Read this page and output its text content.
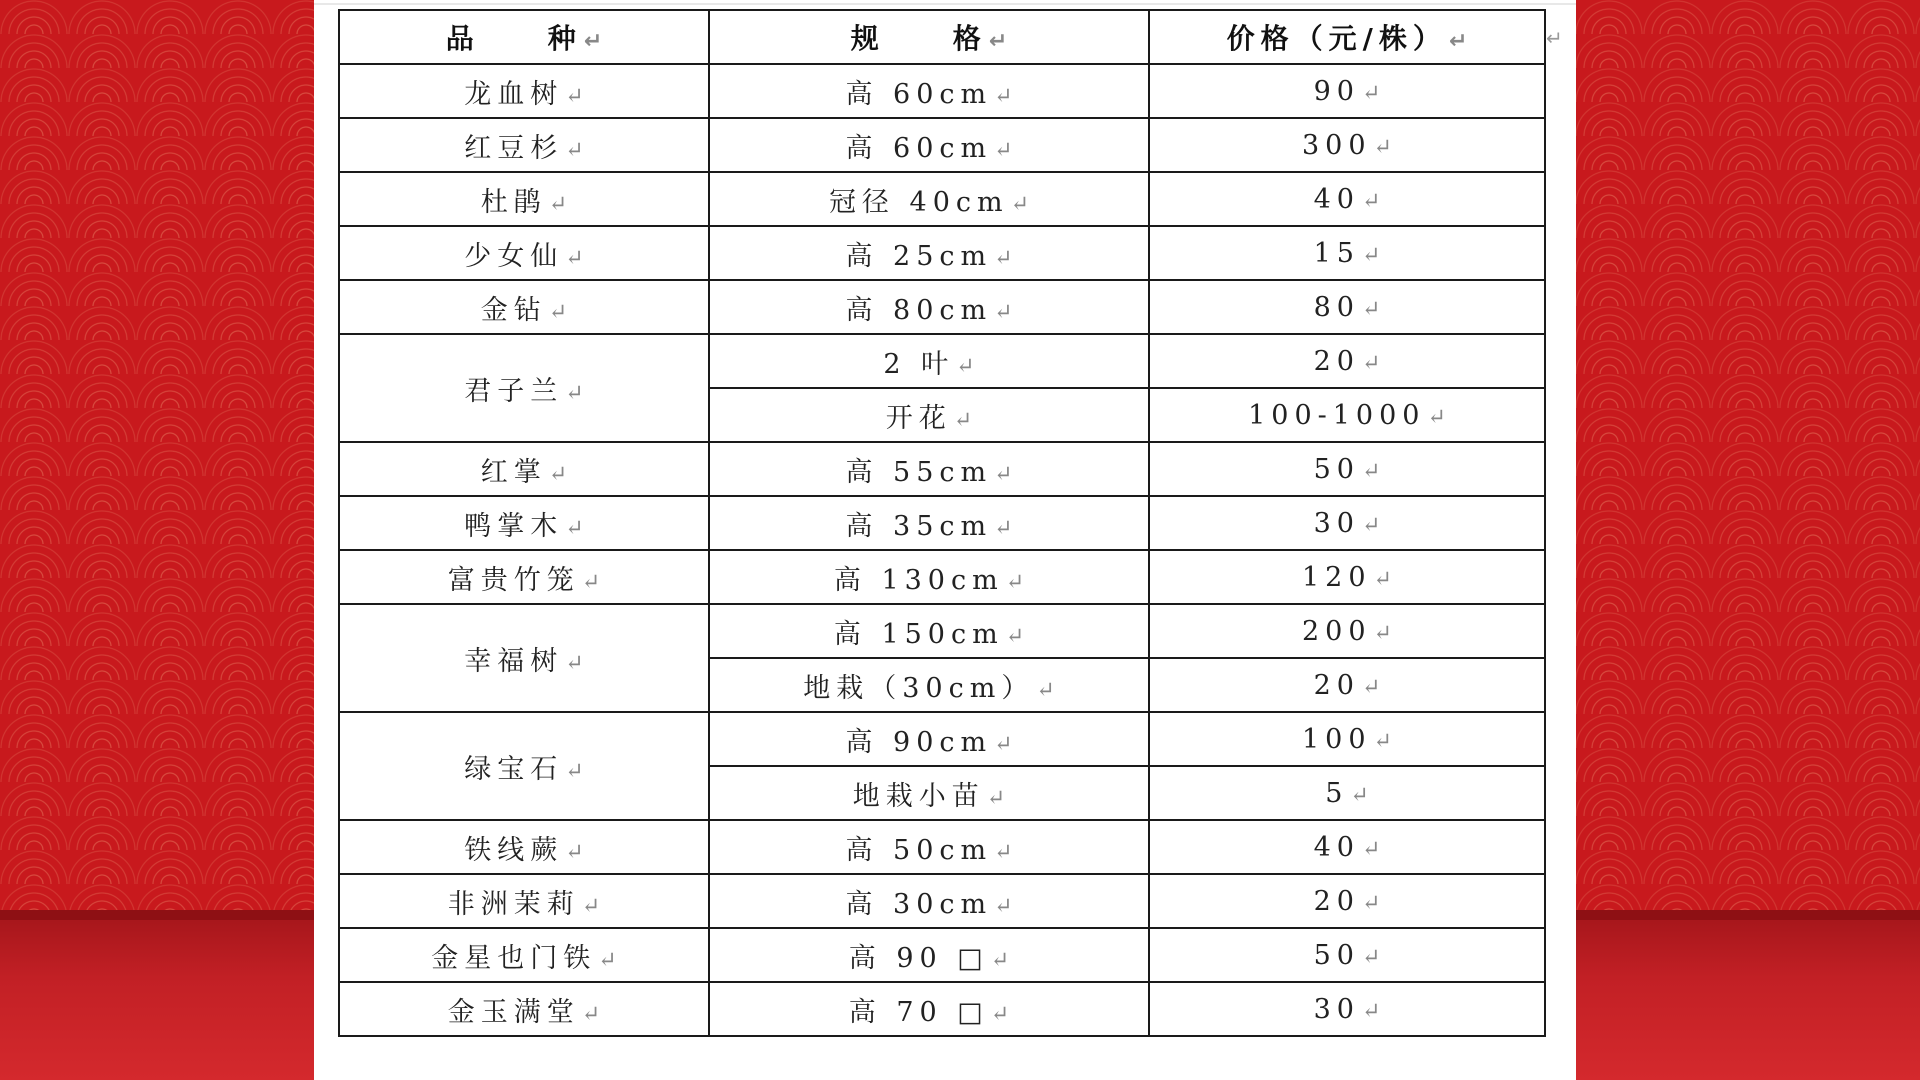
品　　种↵	规　　格↵	价格（元/株）↵
龙血树↵	高 60cm↵	90↵
红豆杉↵	高 60cm↵	300↵
杜鹃↵	冠径 40cm↵	40↵
少女仙↵	高 25cm↵	15↵
金钻↵	高 80cm↵	80↵
君子兰↵	2 叶↵	20↵
	开花↵	100-1000↵
红掌↵	高 55cm↵	50↵
鸭掌木↵	高 35cm↵	30↵
富贵竹笼↵	高 130cm↵	120↵
幸福树↵	高 150cm↵	200↵
	地栽（30cm）↵	20↵
绿宝石↵	高 90cm↵	100↵
	地栽小苗↵	5↵
铁线蕨↵	高 50cm↵	40↵
非洲茉莉↵	高 30cm↵	20↵
金星也门铁↵	高 90 □↵	50↵
金玉满堂↵	高 70 □↵	30↵
↵
